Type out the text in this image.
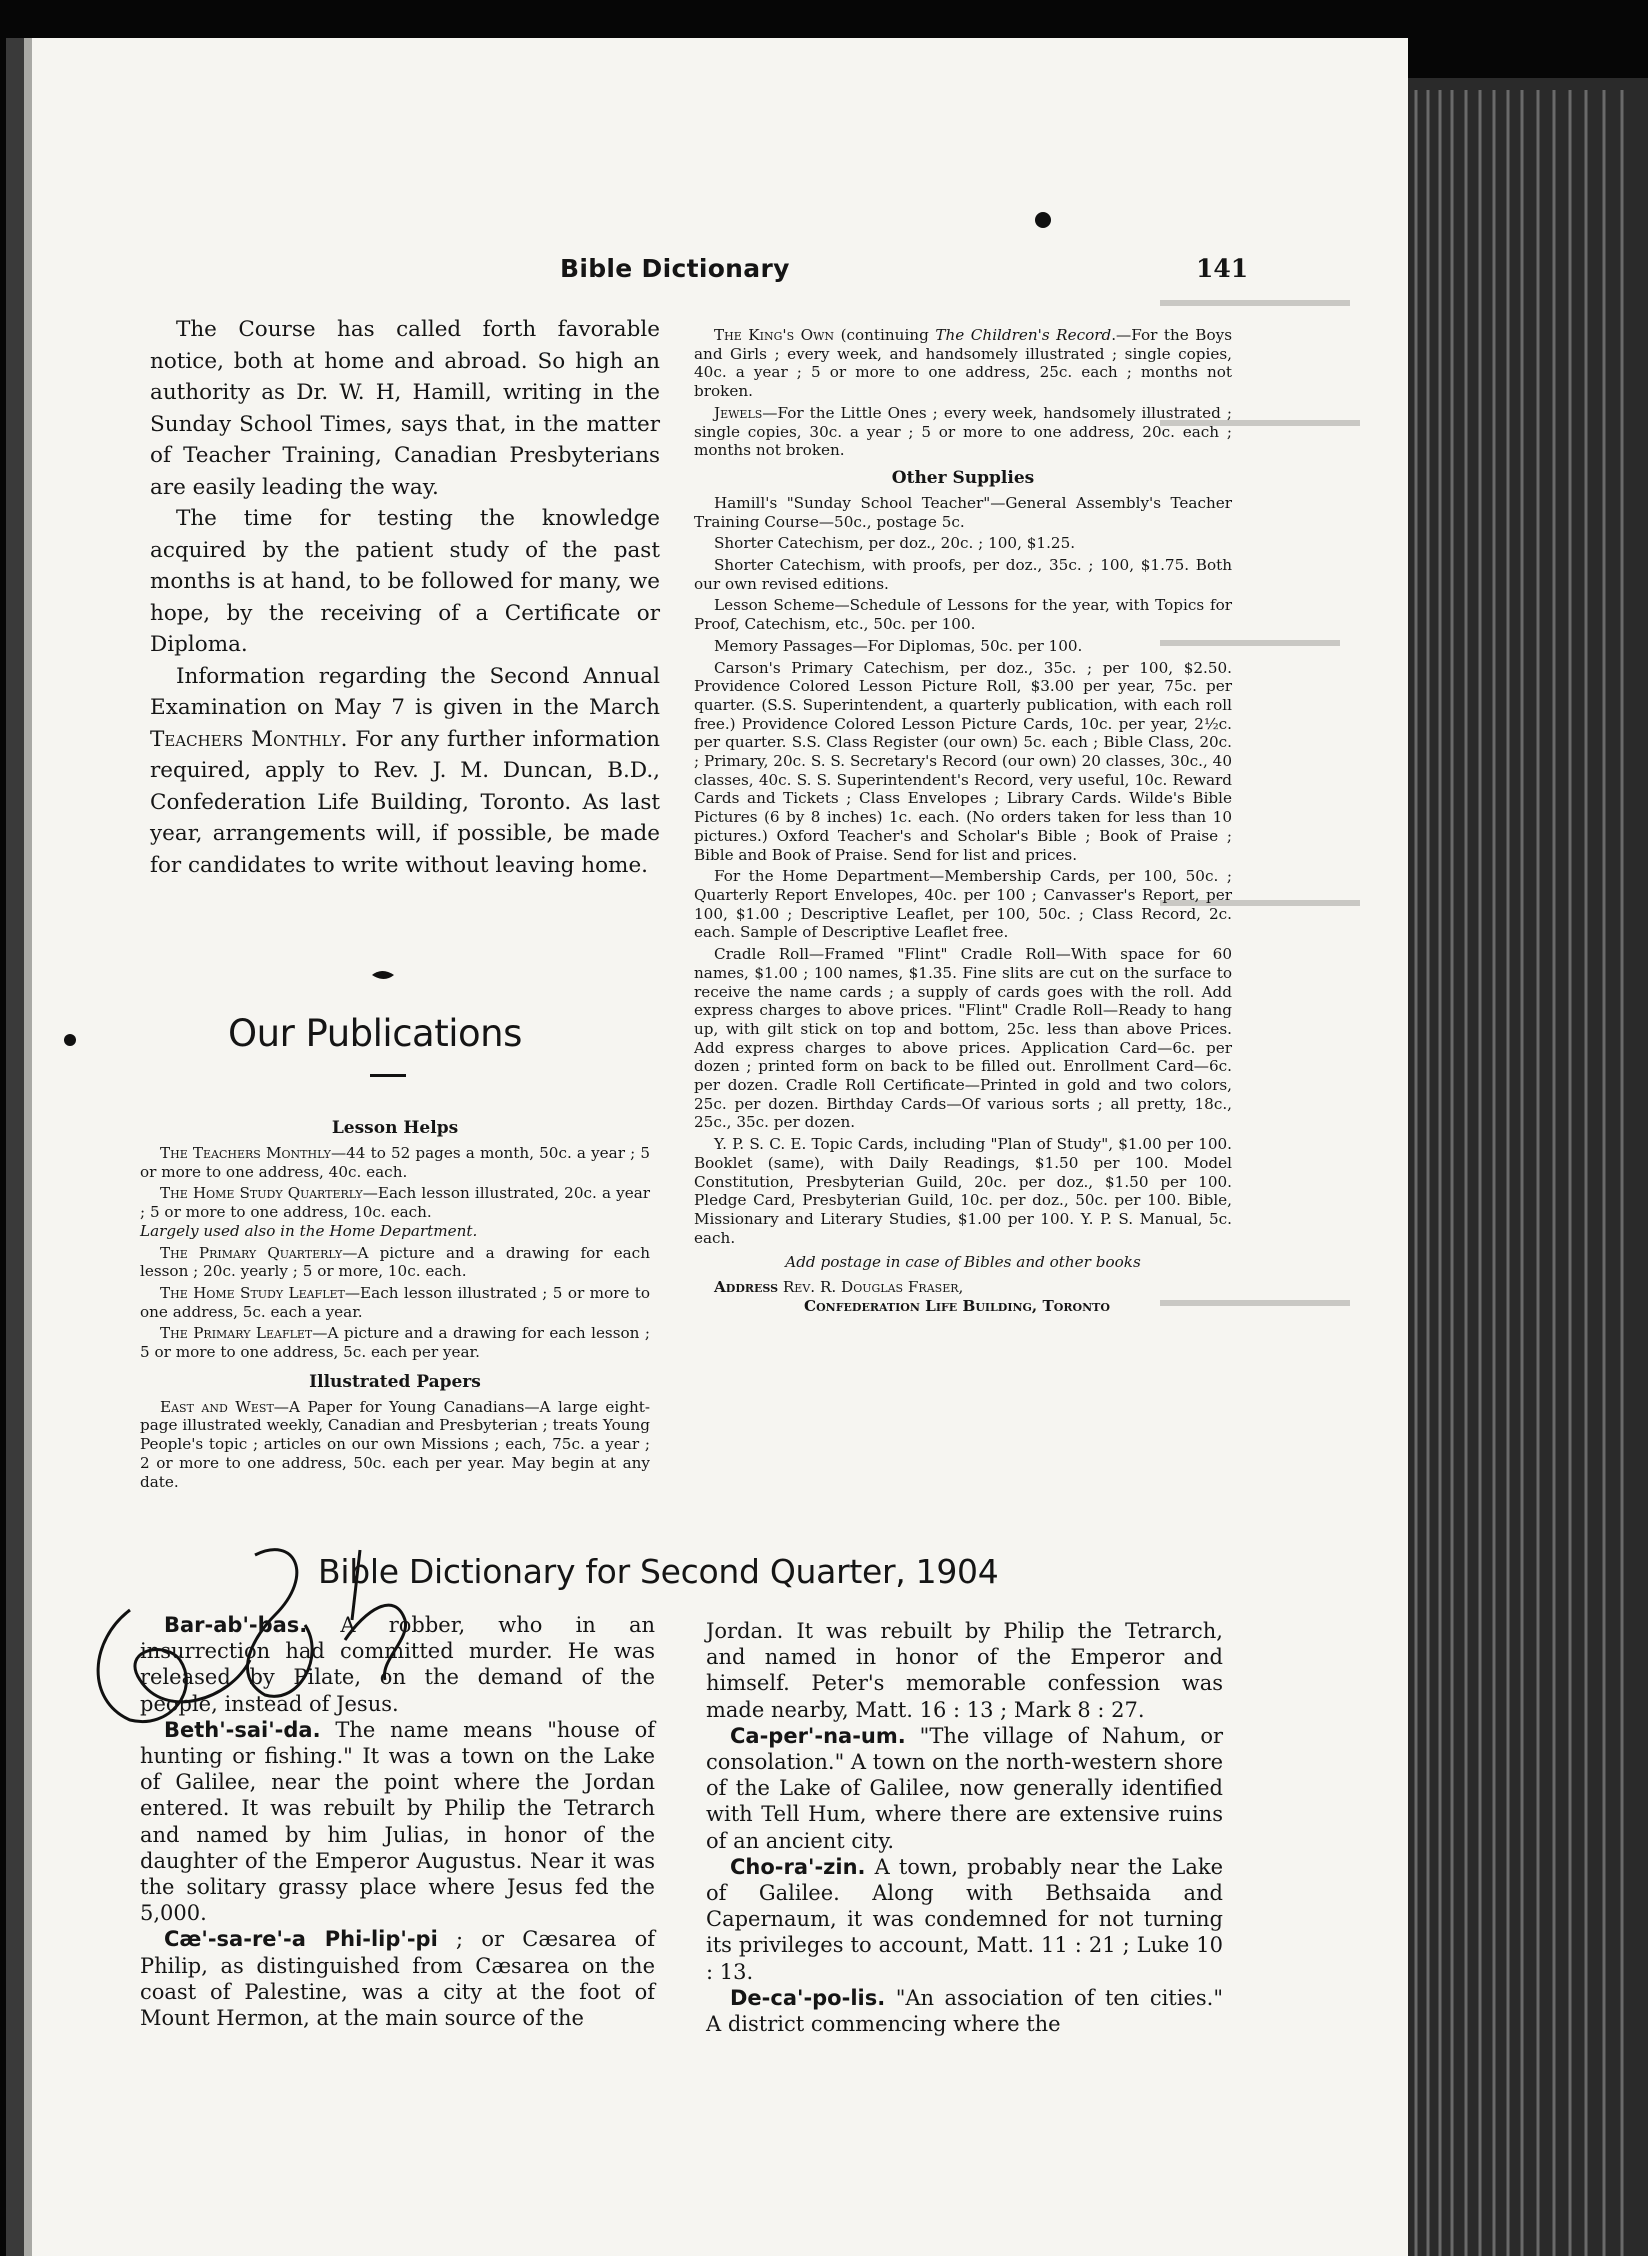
Bible Dictionary	141

The Course has called forth favorable notice, both at home and abroad. So high an authority as Dr. W. H, Hamill, writing in the Sunday School Times, says that, in the matter of Teacher Training, Canadian Presbyterians are easily leading the way.

The time for testing the knowledge acquired by the patient study of the past months is at hand, to be followed for many, we hope, by the receiving of a Certificate or Diploma.

Information regarding the Second Annual Examination on May 7 is given in the March Teachers Monthly. For any further information required, apply to Rev. J. M. Duncan, B.D., Confederation Life Building, Toronto. As last year, arrangements will, if possible, be made for candidates to write without leaving home.

Our Publications
Lesson Helps

The Teachers Monthly—44 to 52 pages a month, 50c. a year ; 5 or more to one address, 40c. each.

The Home Study Quarterly—Each lesson illustrated, 20c. a year ; 5 or more to one address, 10c. each.
Largely used also in the Home Department.

The Primary Quarterly—A picture and a drawing for each lesson ; 20c. yearly ; 5 or more, 10c. each.

The Home Study Leaflet—Each lesson illustrated ; 5 or more to one address, 5c. each a year.

The Primary Leaflet—A picture and a drawing for each lesson ; 5 or more to one address, 5c. each per year.

Illustrated Papers

East and West—A Paper for Young Canadians—A large eight-page illustrated weekly, Canadian and Presbyterian ; treats Young People's topic ; articles on our own Missions ; each, 75c. a year ; 2 or more to one address, 50c. each per year. May begin at any date.

The King's Own (continuing The Children's Record.—For the Boys and Girls ; every week, and handsomely illustrated ; single copies, 40c. a year ; 5 or more to one address, 25c. each ; months not broken.

Jewels—For the Little Ones ; every week, handsomely illustrated ; single copies, 30c. a year ; 5 or more to one address, 20c. each ; months not broken.

Other Supplies

Hamill's "Sunday School Teacher"—General Assembly's Teacher Training Course—50c., postage 5c.

Shorter Catechism, per doz., 20c. ; 100, $1.25.

Shorter Catechism, with proofs, per doz., 35c. ; 100, $1.75. Both our own revised editions.

Lesson Scheme—Schedule of Lessons for the year, with Topics for Proof, Catechism, etc., 50c. per 100.

Memory Passages—For Diplomas, 50c. per 100.

Carson's Primary Catechism, per doz., 35c. ; per 100, $2.50. Providence Colored Lesson Picture Roll, $3.00 per year, 75c. per quarter. (S.S. Superintendent, a quarterly publication, with each roll free.) Providence Colored Lesson Picture Cards, 10c. per year, 2½c. per quarter. S.S. Class Register (our own) 5c. each ; Bible Class, 20c. ; Primary, 20c. S. S. Secretary's Record (our own) 20 classes, 30c., 40 classes, 40c. S. S. Superintendent's Record, very useful, 10c. Reward Cards and Tickets ; Class Envelopes ; Library Cards. Wilde's Bible Pictures (6 by 8 inches) 1c. each. (No orders taken for less than 10 pictures.) Oxford Teacher's and Scholar's Bible ; Book of Praise ; Bible and Book of Praise. Send for list and prices.

For the Home Department—Membership Cards, per 100, 50c. ; Quarterly Report Envelopes, 40c. per 100 ; Canvasser's Report, per 100, $1.00 ; Descriptive Leaflet, per 100, 50c. ; Class Record, 2c. each. Sample of Descriptive Leaflet free.

Cradle Roll—Framed "Flint" Cradle Roll—With space for 60 names, $1.00 ; 100 names, $1.35. Fine slits are cut on the surface to receive the name cards ; a supply of cards goes with the roll. Add express charges to above prices. "Flint" Cradle Roll—Ready to hang up, with gilt stick on top and bottom, 25c. less than above Prices. Add express charges to above prices. Application Card—6c. per dozen ; printed form on back to be filled out. Enrollment Card—6c. per dozen. Cradle Roll Certificate—Printed in gold and two colors, 25c. per dozen. Birthday Cards—Of various sorts ; all pretty, 18c., 25c., 35c. per dozen.

Y. P. S. C. E. Topic Cards, including "Plan of Study", $1.00 per 100. Booklet (same), with Daily Readings, $1.50 per 100. Model Constitution, Presbyterian Guild, 20c. per doz., $1.50 per 100. Pledge Card, Presbyterian Guild, 10c. per doz., 50c. per 100. Bible, Missionary and Literary Studies, $1.00 per 100. Y. P. S. Manual, 5c. each.

Add postage in case of Bibles and other books
Address Rev. R. Douglas Fraser,
Confederation Life Building, Toronto
Bible Dictionary for Second Quarter, 1904

Bar-ab'-bas. A robber, who in an insurrection had committed murder. He was released by Pilate, on the demand of the people, instead of Jesus.

Beth'-sai'-da. The name means "house of hunting or fishing." It was a town on the Lake of Galilee, near the point where the Jordan entered. It was rebuilt by Philip the Tetrarch and named by him Julias, in honor of the daughter of the Emperor Augustus. Near it was the solitary grassy place where Jesus fed the 5,000.

Cæ'-sa-re'-a Phi-lip'-pi ; or Cæsarea of Philip, as distinguished from Cæsarea on the coast of Palestine, was a city at the foot of Mount Hermon, at the main source of the

Jordan. It was rebuilt by Philip the Tetrarch, and named in honor of the Emperor and himself. Peter's memorable confession was made nearby, Matt. 16 : 13 ; Mark 8 : 27.

Ca-per'-na-um. "The village of Nahum, or consolation." A town on the north-western shore of the Lake of Galilee, now generally identified with Tell Hum, where there are extensive ruins of an ancient city.

Cho-ra'-zin. A town, probably near the Lake of Galilee. Along with Bethsaida and Capernaum, it was condemned for not turning its privileges to account, Matt. 11 : 21 ; Luke 10 : 13.

De-ca'-po-lis. "An association of ten cities." A district commencing where the
